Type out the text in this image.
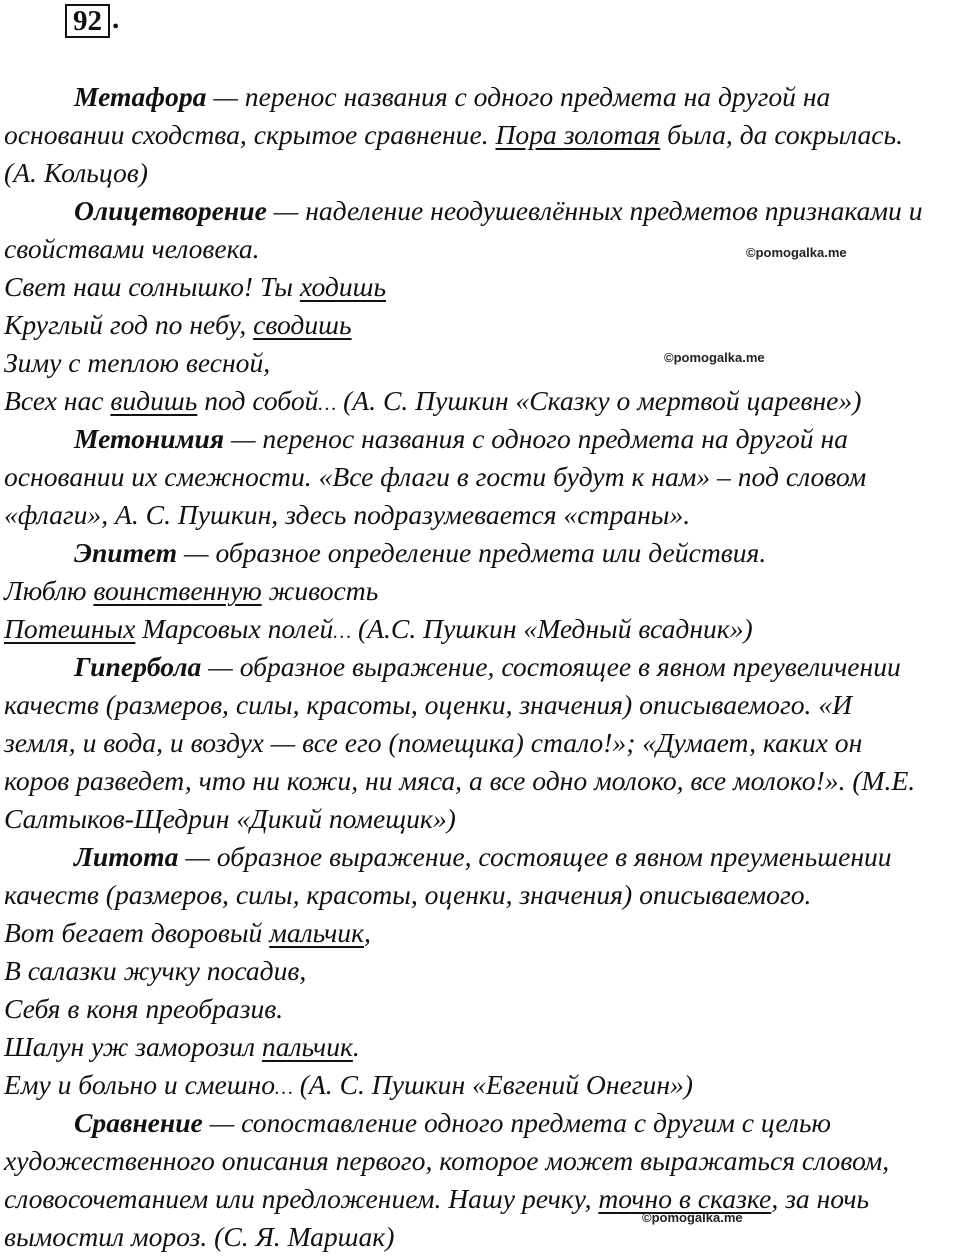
92 .
Метафора — перенос названия с одного предмета на другой на
основании сходства, скрытое сравнение. Пора золотая была, да сокрылась.
(А. Кольцов)
Олицетворение — наделение неодушевлённых предметов признаками и
свойствами человека.	©pomogalka.me
Свет наш солнышко! Ты ходишь
Круглый год по небу, сводишь
Зиму с теплою весной,	©pomogalka.me
Всех нас видишь под собой… (А. С. Пушкин «Сказку о мертвой царевне»)
Метонимия — перенос названия с одного предмета на другой на
основании их смежности. «Все флаги в гости будут к нам» – под словом
«флаги», А. С. Пушкин, здесь подразумевается «страны».
Эпитет — образное определение предмета или действия.
Люблю воинственную живость
Потешных Марсовых полей… (А.С. Пушкин «Медный всадник»)
Гипербола — образное выражение, состоящее в явном преувеличении
качеств (размеров, силы, красоты, оценки, значения) описываемого. «И
земля, и вода, и воздух — все его (помещика) стало!»; «Думает, каких он
коров разведет, что ни кожи, ни мяса, а все одно молоко, все молоко!». (М.Е.
Салтыков-Щедрин «Дикий помещик»)
Литота — образное выражение, состоящее в явном преуменьшении
качеств (размеров, силы, красоты, оценки, значения) описываемого.
Вот бегает дворовый мальчик,
В салазки жучку посадив,
Себя в коня преобразив.
Шалун уж заморозил пальчик.
Ему и больно и смешно… (А. С. Пушкин «Евгений Онегин»)
Сравнение — сопоставление одного предмета с другим с целью
художественного описания первого, которое может выражаться словом,
словосочетанием или предложением. Нашу речку, точно в сказке, за ночь
©pomogalka.me
вымостил мороз. (С. Я. Маршак)
